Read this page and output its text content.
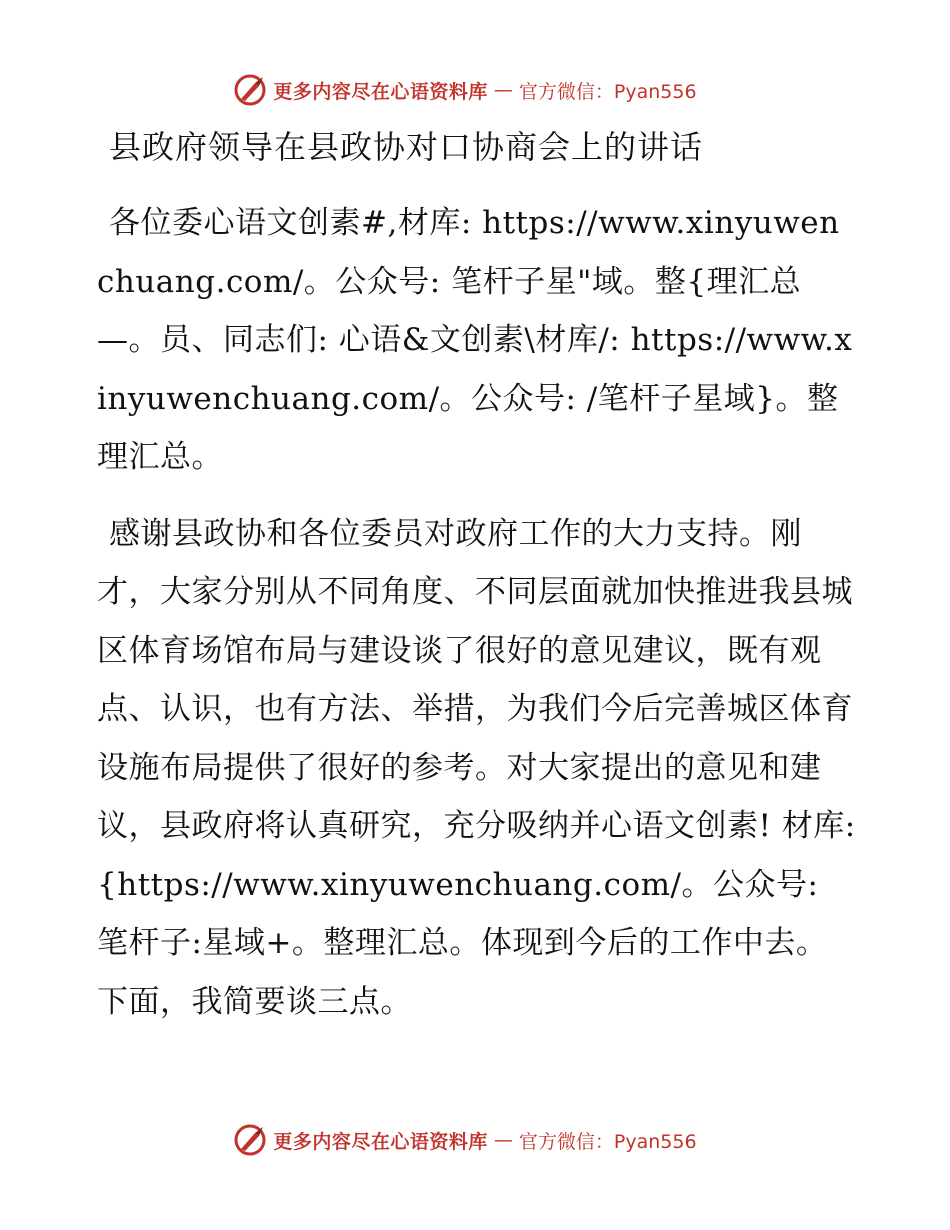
更多内容尽在心语资料库 — 官方微信：Pyan556
县政府领导在县政协对口协商会上的讲话

各位委心语文创素#,材库: https://www.xinyuwenchuang.com/。公众号: 笔杆子星"域。整{理汇总—。员、同志们: 心语&文创素\材库/: https://www.xinyuwenchuang.com/。公众号: /笔杆子星域}。整理汇总。

感谢县政协和各位委员对政府工作的大力支持。刚才，大家分别从不同角度、不同层面就加快推进我县城区体育场馆布局与建设谈了很好的意见建议，既有观点、认识，也有方法、举措，为我们今后完善城区体育设施布局提供了很好的参考。对大家提出的意见和建议，县政府将认真研究，充分吸纳并心语文创素! 材库: {https://www.xinyuwenchuang.com/。公众号: 笔杆子:星域+。整理汇总。体现到今后的工作中去。下面，我简要谈三点。

更多内容尽在心语资料库 — 官方微信：Pyan556
